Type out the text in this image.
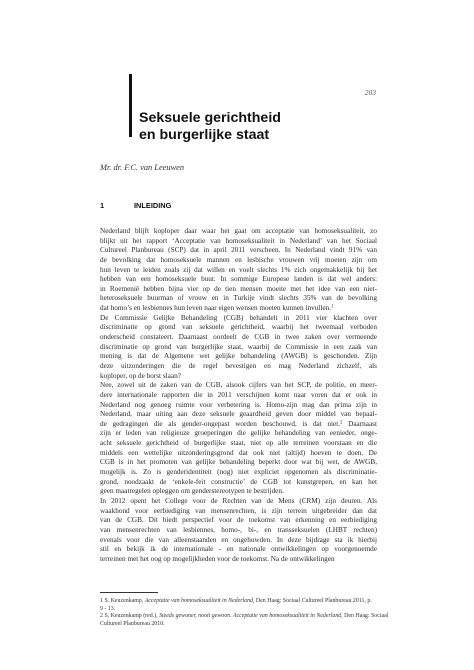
203
Seksuele gerichtheid
en burgerlijke staat
Mr. dr. F.C. van Leeuwen
1	INLEIDING
Nederland blijft koploper daar waar het gaat om acceptatie van homoseksualiteit, zo
blijkt uit het rapport ‘Acceptatie van homoseksualiteit in Nederland’ van het Sociaal
Cultureel Planbureau (SCP) dat in april 2011 verscheen. In Nederland vindt 91% van
de bevolking dat homoseksuele mannen en lesbische vrouwen vrij moeten zijn om
hun leven te leiden zoals zij dat willen en voelt slechts 1% zich ongemakkelijk bij het
hebben van een homoseksuele buur. In sommige Europese landen is dat wel anders:
in Roemenië hebben bijna vier op de tien mensen moeite met het idee van een niet-
heteroseksuele buurman of vrouw en in Turkije vindt slechts 35% van de bevolking
dat homo’s en lesbiennes hun leven naar eigen wensen moeten kunnen invullen.$^1$
De Commissie Gelijke Behandeling (CGB) behandelt in 2011 vier klachten over
discriminatie op grond van seksuele gerichtheid, waarbij het tweemaal verboden
onderscheid constateert. Daarnaast oordeelt de CGB in twee zaken over vermeende
discriminatie op grond van burgerlijke staat, waarbij de Commissie in een zaak van
mening is dat de Algemene wet gelijke behandeling (AWGB) is geschonden. Zijn
deze uitzonderingen die de regel bevestigen en mag Nederland zichzelf, als
koploper, op de borst slaan?
Nee, zowel uit de zaken van de CGB, alsook cijfers van het SCP, de politie, en meer-
dere internationale rapporten die in 2011 verschijnen komt naar voren dat er ook in
Nederland nog genoeg ruimte voor verbetering is. Homo-zijn mag dan prima zijn in
Nederland, maar uiting aan deze seksuele geaardheid geven door middel van bepaal-
de gedragingen die als gender-ongepast worden beschouwd, is dat niet.$^2$ Daarnaast
zijn er leden van religieuze groeperingen die gelijke behandeling van eenieder, onge-
acht seksuele gerichtheid of burgerlijke staat, niet op alle terreinen voorstaan en die
middels een wettelijke uitzonderingsgrond dat ook niet (altijd) hoeven te doen. De
CGB is in het promoten van gelijke behandeling beperkt door wat bij wet, de AWGB,
mogelijk is. Zo is genderidentiteit (nog) niet expliciet opgenomen als discriminatie-
grond, noodzaakt de ‘enkele-feit constructie’ de CGB tot kunstgrepen, en kan het
geen maatregelen opleggen om genderstereotypen te bestrijden.
In 2012 opent het College voor de Rechten van de Mens (CRM) zijn deuren. Als
waakhond voor eerbiediging van mensenrechten, is zijn terrein uitgebreider dan dat
van de CGB. Dit biedt perspectief voor de toekomst van erkenning en eerbiediging
van mensenrechten van lesbiennes, homo-, bi-, en transseksuelen (LHBT rechten)
evenals voor die van alleenstaanden en ongehuwden. In deze bijdrage sta ik hierbij
stil en bekijk ik de internationale - en nationale ontwikkelingen op voorgenoemde
terreinen met het oog op mogelijkheden voor de toekomst. Na de ontwikkelingen
1 S. Keuzenkamp, Acceptatie van homoseksualiteit in Nederland, Den Haag: Sociaal Cultureel Planbureau 2011, p.
9 - 13.
2 S. Keuzenkamp (red.), Steeds gewoner, nooit gewoon. Acceptatie van homoseksualiteit in Nederland, Den Haag: Sociaal
Cultureel Planbureau 2010.
